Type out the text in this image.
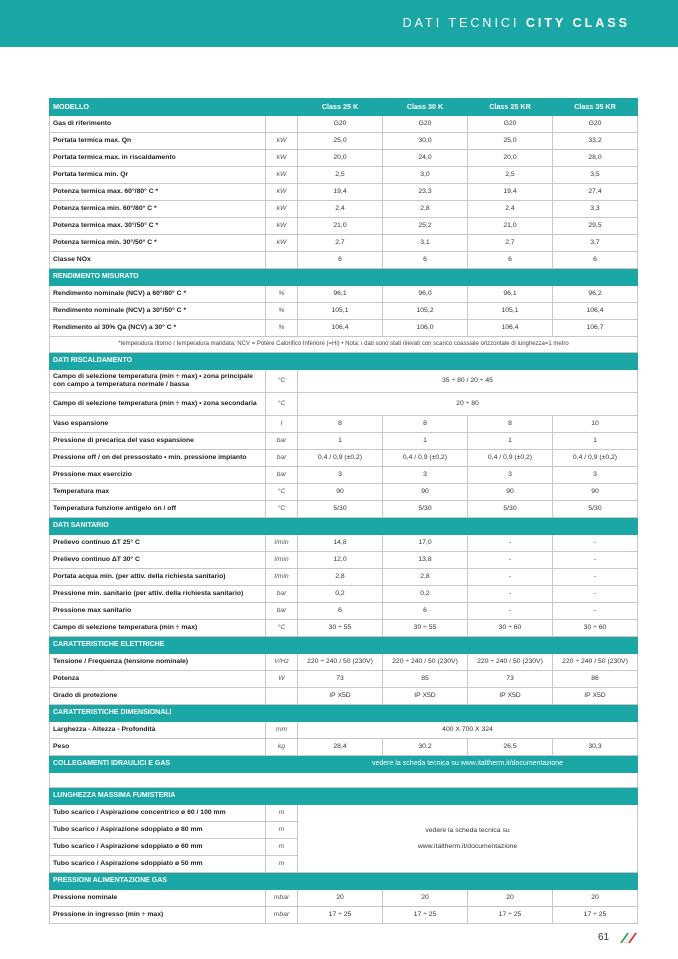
DATI TECNICI CITY CLASS
MODELLO		Class 25 K	Class 30 K	Class 25 KR	Class 35 KR
Gas di riferimento		G20	G20	G20	G20
Portata termica max. Qn	kW	25,0	30,0	25,0	33,2
Portata termica max. in riscaldamento	kW	20,0	24,0	20,0	28,0
Portata termica min. Qr	kW	2,5	3,0	2,5	3,5
Potenza termica max. 60°/80° C *	kW	19,4	23,3	19,4	27,4
Potenza termica min. 60°/80° C *	kW	2,4	2,8	2,4	3,3
Potenza termica max. 30°/50° C *	kW	21,0	25,2	21,0	29,5
Potenza termica min. 30°/50° C *	kW	2,7	3,1	2,7	3,7
Classe NOx		6	6	6	6
RENDIMENTO MISURATO					
Rendimento nominale (NCV) a 60°/80° C *	%	96,1	96,0	96,1	96,2
Rendimento nominale (NCV) a 30°/50° C *	%	105,1	105,2	105,1	106,4
Rendimento al 30% Qa (NCV) a 30° C *	%	106,4	106,0	106,4	106,7
*temperatura ritorno / temperatura mandata; NCV = Potere Calorifico Inferiore (=Hi) • Nota: i dati sono stati rilevati con scarico coassiale orizzontale di lunghezza=1 metro					
DATI RISCALDAMENTO					
Campo di selezione temperatura (min ÷ max) • zona principale con campo a temperatura normale / bassa	°C	35 ÷ 80 / 20 ÷ 45			
Campo di selezione temperatura (min ÷ max) • zona secondaria	°C	20 ÷ 80			
Vaso espansione	l	8	8	8	10
Pressione di precarica del vaso espansione	bar	1	1	1	1
Pressione off / on del pressostato • min. pressione impianto	bar	0,4 / 0,9 (±0,2)	0,4 / 0,9 (±0,2)	0,4 / 0,9 (±0,2)	0,4 / 0,9 (±0,2)
Pressione max esercizio	bar	3	3	3	3
Temperatura max	°C	90	90	90	90
Temperatura funzione antigelo on / off	°C	5/30	5/30	5/30	5/30
DATI SANITARIO					
Prelievo continuo ΔT 25° C	l/min	14,8	17,0	-	-
Prelievo continuo ΔT 30° C	l/min	12,0	13,8	-	-
Portata acqua min. (per attiv. della richiesta sanitario)	l/min	2,8	2,8	-	-
Pressione min. sanitario (per attiv. della richiesta sanitario)	bar	0,2	0,2	-	-
Pressione max sanitario	bar	6	6	-	-
Campo di selezione temperatura (min ÷ max)	°C	30 ÷ 55	30 ÷ 55	30 ÷ 60	30 ÷ 60
CARATTERISTICHE ELETTRICHE					
Tensione / Frequenza (tensione nominale)	V/Hz	220 ÷ 240 / 50 (230V)	220 ÷ 240 / 50 (230V)	220 ÷ 240 / 50 (230V)	220 ÷ 240 / 50 (230V)
Potenza	W	73	85	73	86
Grado di protezione		IP X5D	IP X5D	IP X5D	IP X5D
CARATTERISTICHE DIMENSIONALI					
Larghezza - Altezza - Profondità	mm	400 X 700 X 324			
Peso	kg	28,4	30,2	26,5	30,3
COLLEGAMENTI IDRAULICI E GAS		vedere la scheda tecnica su www.italtherm.it/documentazione			

LUNGHEZZA MASSIMA FUMISTERIA					
Tubo scarico / Aspirazione concentrico ø 60 / 100 mm	m	vedere la scheda tecnica su
www.italtherm.it/documentazione			

Tubo scarico / Aspirazione sdoppiato ø 80 mm	m				
Tubo scarico / Aspirazione sdoppiato ø 60 mm	m				
Tubo scarico / Aspirazione sdoppiato ø 50 mm	m				
PRESSIONI ALIMENTAZIONE GAS					
Pressione nominale	mbar	20	20	20	20
Pressione in ingresso (min ÷ max)	mbar	17 ÷ 25	17 ÷ 25	17 ÷ 25	17 ÷ 25
61
